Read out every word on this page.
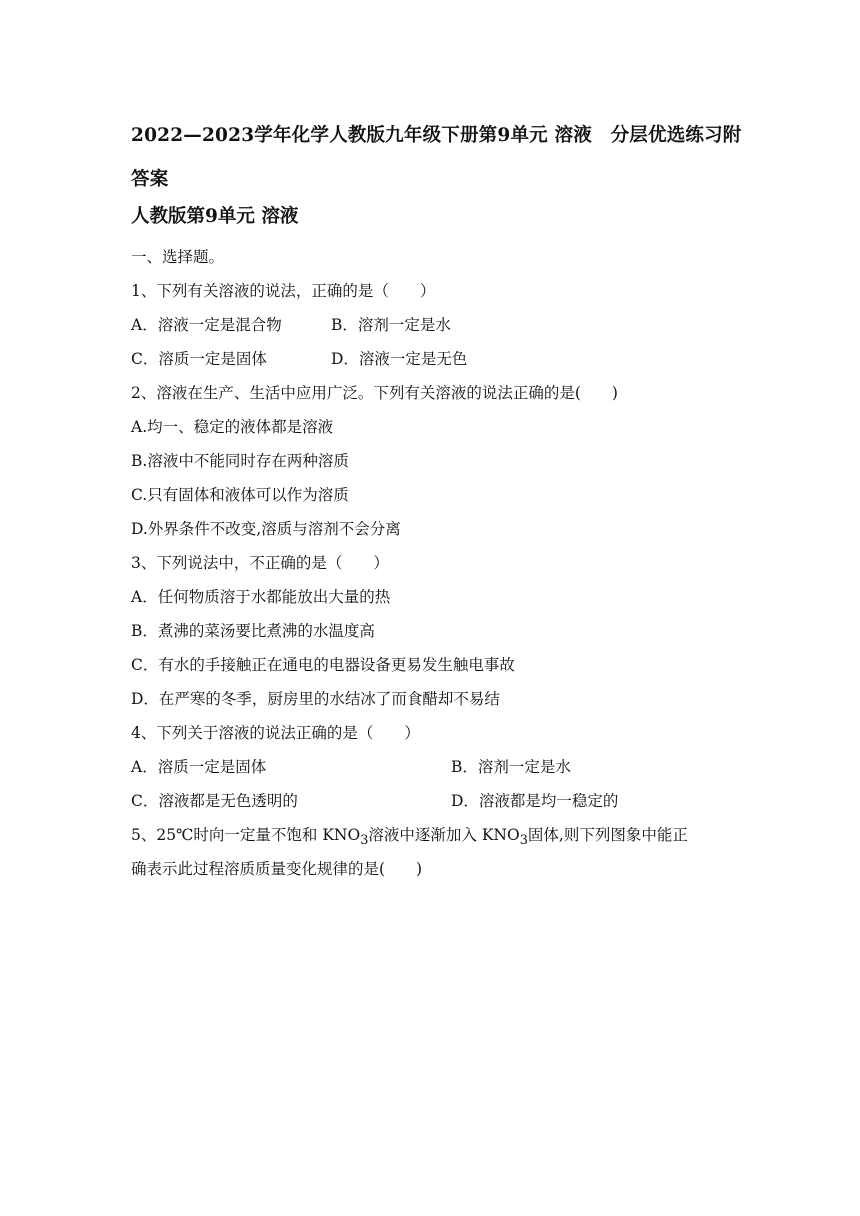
2022—2023学年化学人教版九年级下册第9单元 溶液　分层优选练习附答案
人教版第9单元 溶液
一、选择题。
1、下列有关溶液的说法，正确的是（　　）
A．溶液一定是混合物	B．溶剂一定是水
C．溶质一定是固体	D．溶液一定是无色
2、溶液在生产、生活中应用广泛。下列有关溶液的说法正确的是(　　)
A.均一、稳定的液体都是溶液
B.溶液中不能同时存在两种溶质
C.只有固体和液体可以作为溶质
D.外界条件不改变,溶质与溶剂不会分离
3、下列说法中，不正确的是（　　）
A．任何物质溶于水都能放出大量的热
B．煮沸的菜汤要比煮沸的水温度高
C．有水的手接触正在通电的电器设备更易发生触电事故
D．在严寒的冬季，厨房里的水结冰了而食醋却不易结
4、下列关于溶液的说法正确的是（　　）
A．溶质一定是固体	B．溶剂一定是水
C．溶液都是无色透明的	D．溶液都是均一稳定的
5、25℃时向一定量不饱和 $KNO_3$溶液中逐渐加入 $KNO_3$固体,则下列图象中能正
确表示此过程溶质质量变化规律的是(　　)
